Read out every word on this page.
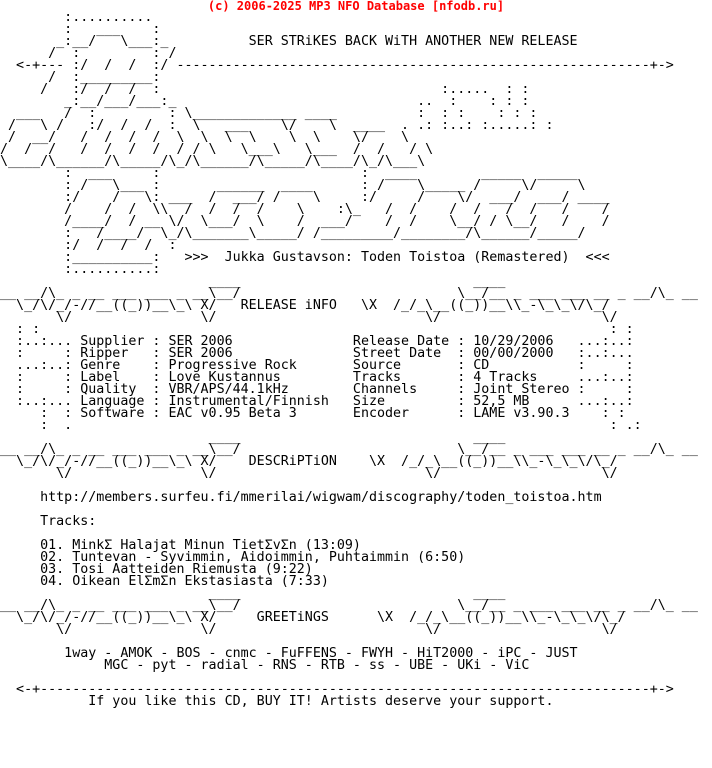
(c) 2006-2025 MP3 NFO Database [nfodb.ru]
:..........
:   ___    :
_:__/   \___:_          SER STRiKES BACK WiTH ANOTHER NEW RELEASE
/  :         : /
<-+--- :/  /  /  :/ -----------------------------------------------------------+->
/  :_________:
/   :/  /  /  :                                   :.....  : :
_:__/___/___:_                              ..  :    : : :
___   /  :         : \_____________ ____          :  : :    : : :
/   \ /   :/  /  /  :  \   ___    \/    \  ____  . .: :..: :.....: :
/  __/   /  /  /  /  \  \  \  \    \  \    \/    \
/  /  /   /  /  /  /  / / \   \___\   \___  /  /   / \
\____/\______/\_____/\_/\______/\_____/\____/\_/\___\
:  ___     :                         :  ____        _____  _____
: /   \___ :       ______  ____      : /    \_____ /     \/     \
:/    /   \: ___  /  ___/ /    \     :/     /    \/  ___/  ___/ ____
/    /  /  \\  /  /  /  /    \    :\_   /  /    /  /   /  /   /    /
/____/  / __ \/  \___/  \    /  ___/    /  /    \__/ / \__/   /    /
:   /____/  \_/\_______\_____/ /_________/________/\______/_____/
:/  /  /  /  :
:__________:   >>>  Jukka Gustavson: Toden Toistoa (Remastered)  <<<
:..........:
____                             ____
__ __/\_ _ __ ___ ___ _ __\__/                           \__/__ _ ___ ___ __ _ __/\_ __
\_/\/_/-//__((_))__\_\ X/   RELEASE iNFO   \X  /_/_\__((_))__\\_-\_\_\/\_/
\/                \/                          \/                    \/
: :                                                                       : :
:..:... Supplier : SER 2006               Release Date : 10/29/2006   ...:..:
:     : Ripper   : SER 2006               Street Date  : 00/00/2000   :..:...
...:..: Genre    : Progressive Rock       Source       : CD           :     :
:     : Label    : Love Kustannus         Tracks       : 4 Tracks     ...:..:
:     : Quality  : VBR/APS/44.1kHz        Channels     : Joint Stereo :     :
:..:... Language : Instrumental/Finnish   Size         : 52,5 MB      ...:..:
:  : Software : EAC v0.95 Beta 3       Encoder      : LAME v3.90.3    : :
:  .                                                                   : .:
____                             ____
__ __/\_ _ __ ___ ___ _ __\__/                           \__/__ _ ___ ___ __ _ __/\_ __
\_/\/_/-//__((_))__\_\ X/    DESCRiPTiON    \X  /_/_\__((_))__\\_-\_\_\/\_/
\/                \/                          \/                    \/

http://members.surfeu.fi/mmerilai/wigwam/discography/toden_toistoa.htm

Tracks:

01. MinkΣ Halajat Minun TietΣvΣn (13:09)
02. Tuntevan - Syvimmin, Aidoimmin, Puhtaimmin (6:50)
03. Tosi Aatteiden Riemusta (9:22)
04. Oikean ElΣmΣn Ekstasiasta (7:33)
____                             ____
__ __/\_ _ __ ___ ___ _ __\__/                           \__/__ _ ___ ___ __ _ __/\_ __
\_/\/_/-//__((_))__\_\ X/     GREETiNGS      \X  /_/_\__((_))__\\_-\_\_\/\_/
\/                \/                          \/                    \/

1way - AMOK - BOS - cnmc - FuFFENS - FWYH - HiT2000 - iPC - JUST
MGC - pyt - radial - RNS - RTB - ss - UBE - UKi - ViC

<-+----------------------------------------------------------------------------+->
If you like this CD, BUY IT! Artists deserve your support.
